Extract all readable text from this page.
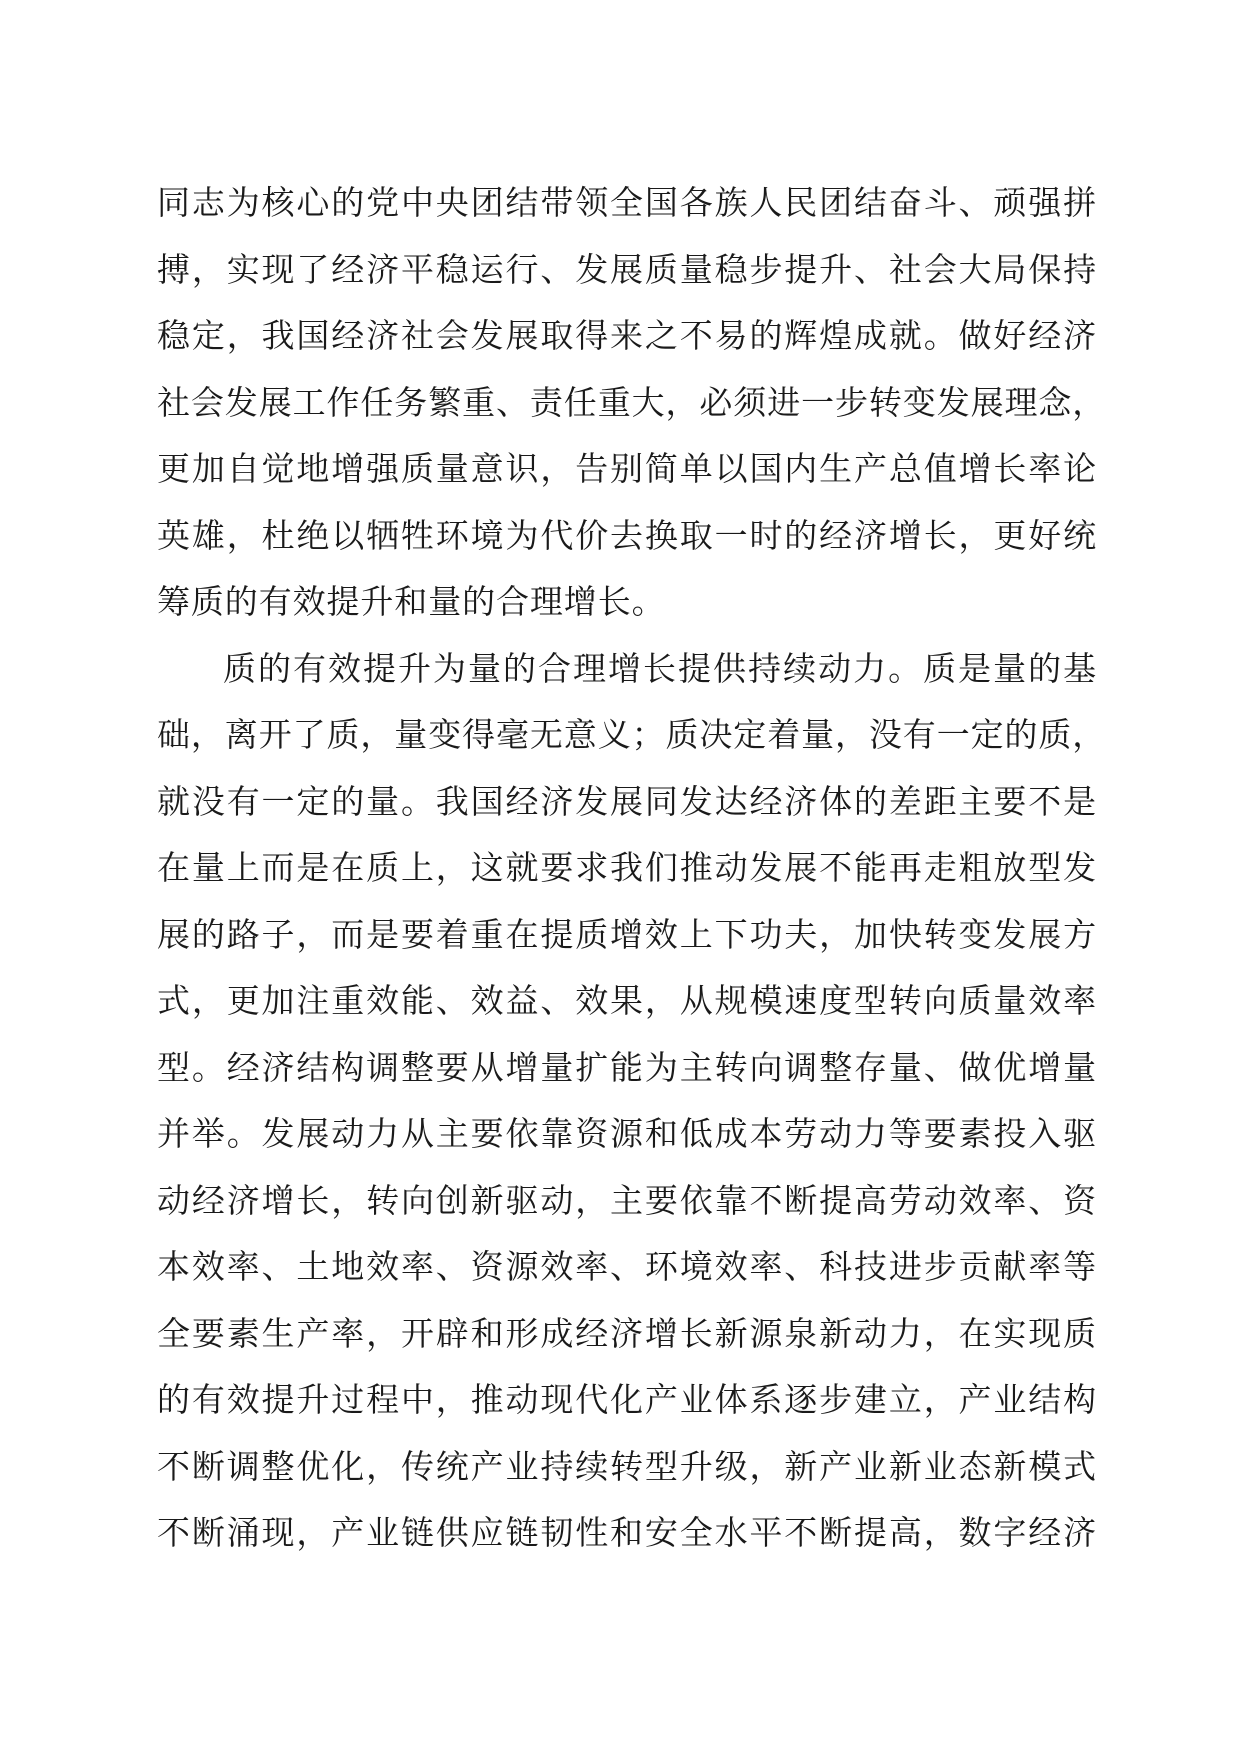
同志为核心的党中央团结带领全国各族人民团结奋斗、顽强拼
搏，实现了经济平稳运行、发展质量稳步提升、社会大局保持
稳定，我国经济社会发展取得来之不易的辉煌成就。做好经济
社会发展工作任务繁重、责任重大，必须进一步转变发展理念，
更加自觉地增强质量意识，告别简单以国内生产总值增长率论
英雄，杜绝以牺牲环境为代价去换取一时的经济增长，更好统
筹质的有效提升和量的合理增长。
质的有效提升为量的合理增长提供持续动力。质是量的基
础，离开了质，量变得毫无意义；质决定着量，没有一定的质，
就没有一定的量。我国经济发展同发达经济体的差距主要不是
在量上而是在质上，这就要求我们推动发展不能再走粗放型发
展的路子，而是要着重在提质增效上下功夫，加快转变发展方
式，更加注重效能、效益、效果，从规模速度型转向质量效率
型。经济结构调整要从增量扩能为主转向调整存量、做优增量
并举。发展动力从主要依靠资源和低成本劳动力等要素投入驱
动经济增长，转向创新驱动，主要依靠不断提高劳动效率、资
本效率、土地效率、资源效率、环境效率、科技进步贡献率等
全要素生产率，开辟和形成经济增长新源泉新动力，在实现质
的有效提升过程中，推动现代化产业体系逐步建立，产业结构
不断调整优化，传统产业持续转型升级，新产业新业态新模式
不断涌现，产业链供应链韧性和安全水平不断提高，数字经济
